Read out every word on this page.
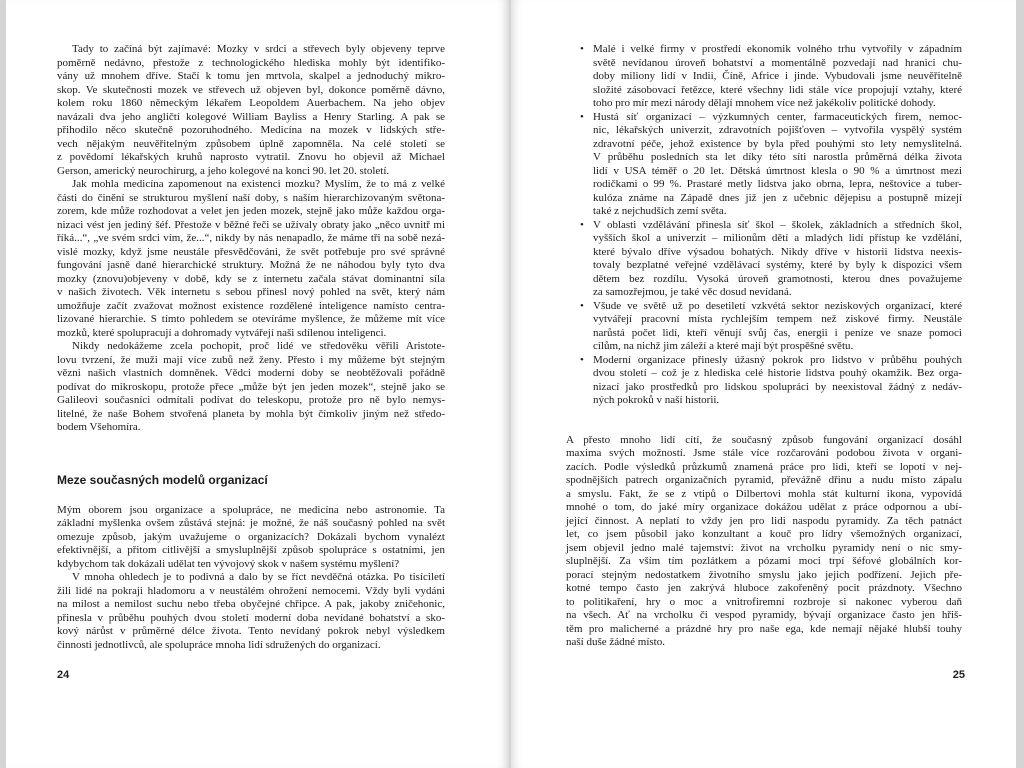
Tady to začíná být zajímavé: Mozky v srdci a střevech byly objeveny teprve
poměrně nedávno, přestože z technologického hlediska mohly být identifiko-
vány už mnohem dříve. Stačí k tomu jen mrtvola, skalpel a jednoduchý mikro-
skop. Ve skutečnosti mozek ve střevech už objeven byl, dokonce poměrně dávno,
kolem roku 1860 německým lékařem Leopoldem Auerbachem. Na jeho objev
navázali dva jeho angličtí kolegové William Bayliss a Henry Starling. A pak se
přihodilo něco skutečně pozoruhodného. Medicína na mozek v lidských stře-
vech nějakým neuvěřitelným způsobem úplně zapomněla. Na celé století se
z povědomí lékařských kruhů naprosto vytratil. Znovu ho objevil až Michael
Gerson, americký neurochirurg, a jeho kolegové na konci 90. let 20. století.
Jak mohla medicína zapomenout na existenci mozku? Myslím, že to má z velké
části do činění se strukturou myšlení naší doby, s naším hierarchizovaným světona-
zorem, kde může rozhodovat a velet jen jeden mozek, stejně jako může každou orga-
nizaci vést jen jediný šéf. Přestože v běžné řeči se užívaly obraty jako „něco uvnitř mi
říká...“, „ve svém srdci vím, že...“, nikdy by nás nenapadlo, že máme tři na sobě nezá-
vislé mozky, když jsme neustále přesvědčováni, že svět potřebuje pro své správné
fungování jasně dané hierarchické struktury. Možná že ne náhodou byly tyto dva
mozky (znovu)objeveny v době, kdy se z internetu začala stávat dominantní síla
v našich životech. Věk internetu s sebou přinesl nový pohled na svět, který nám
umožňuje začít zvažovat možnost existence rozdělené inteligence namísto centra-
lizované hierarchie. S tímto pohledem se otevíráme myšlence, že můžeme mít více
mozků, které spolupracují a dohromady vytvářejí naši sdílenou inteligenci.
Nikdy nedokážeme zcela pochopit, proč lidé ve středověku věřili Aristote-
lovu tvrzení, že muži mají více zubů než ženy. Přesto i my můžeme být stejným
vězni našich vlastních domněnek. Vědci moderní doby se neobtěžovali pořádně
podívat do mikroskopu, protože přece „může být jen jeden mozek“, stejně jako se
Galileovi současníci odmítali podívat do teleskopu, protože pro ně bylo nemys-
litelné, že naše Bohem stvořená planeta by mohla být čímkoliv jiným než středo-
bodem Všehomíra.
Meze současných modelů organizací
Mým oborem jsou organizace a spolupráce, ne medicína nebo astronomie. Ta
základní myšlenka ovšem zůstává stejná: je možné, že náš současný pohled na svět
omezuje způsob, jakým uvažujeme o organizacích? Dokázali bychom vynalézt
efektivnější, a přitom citlivější a smysluplnější způsob spolupráce s ostatními, jen
kdybychom tak dokázali udělat ten vývojový skok v našem systému myšlení?
V mnoha ohledech je to podivná a dalo by se říct nevděčná otázka. Po tisíciletí
žili lidé na pokraji hladomoru a v neustálém ohrožení nemocemi. Vždy byli vydáni
na milost a nemilost suchu nebo třeba obyčejné chřipce. A pak, jakoby zničehonic,
přinesla v průběhu pouhých dvou století moderní doba nevídané bohatství a sko-
kový nárůst v průměrné délce života. Tento nevídaný pokrok nebyl výsledkem
činnosti jednotlivců, ale spolupráce mnoha lidí sdružených do organizací.
24
• Malé i velké firmy v prostředí ekonomik volného trhu vytvořily v západním
světě nevídanou úroveň bohatství a momentálně pozvedají nad hranici chu-
doby miliony lidí v Indii, Číně, Africe i jinde. Vybudovali jsme neuvěřitelně
složité zásobovací řetězce, které všechny lidi stále více propojují vztahy, které
toho pro mír mezi národy dělají mnohem více než jakékoliv politické dohody.
• Hustá síť organizací – výzkumných center, farmaceutických firem, nemoc-
nic, lékařských univerzit, zdravotních pojišťoven – vytvořila vyspělý systém
zdravotní péče, jehož existence by byla před pouhými sto lety nemyslitelná.
V průběhu posledních sta let díky této síti narostla průměrná délka života
lidí v USA téměř o 20 let. Dětská úmrtnost klesla o 90 % a úmrtnost mezi
rodičkami o 99 %. Prastaré metly lidstva jako obrna, lepra, neštovice a tuber-
kulóza známe na Západě dnes již jen z učebnic dějepisu a postupně mizejí
také z nejchudších zemí světa.
• V oblasti vzdělávání přinesla síť škol – školek, základních a středních škol,
vyšších škol a univerzit – milionům dětí a mladých lidí přístup ke vzdělání,
které bývalo dříve výsadou bohatých. Nikdy dříve v historii lidstva neexis-
tovaly bezplatné veřejné vzdělávací systémy, které by byly k dispozici všem
dětem bez rozdílu. Vysoká úroveň gramotnosti, kterou dnes považujeme
za samozřejmou, je také věc dosud nevídaná.
• Všude ve světě už po desetiletí vzkvétá sektor neziskových organizací, které
vytvářejí pracovní místa rychlejším tempem než ziskové firmy. Neustále
narůstá počet lidí, kteří věnují svůj čas, energii i peníze ve snaze pomoci
cílům, na nichž jim záleží a které mají být prospěšné světu.
• Moderní organizace přinesly úžasný pokrok pro lidstvo v průběhu pouhých
dvou století – což je z hlediska celé historie lidstva pouhý okamžik. Bez orga-
nizací jako prostředků pro lidskou spolupráci by neexistoval žádný z nedáv-
ných pokroků v naší historii.
A přesto mnoho lidí cítí, že současný způsob fungování organizací dosáhl
maxima svých možností. Jsme stále více rozčarováni podobou života v organi-
zacích. Podle výsledků průzkumů znamená práce pro lidi, kteří se lopotí v nej-
spodnějších patrech organizačních pyramid, převážně dřinu a nudu místo zápalu
a smyslu. Fakt, že se z vtipů o Dilbertovi mohla stát kulturní ikona, vypovídá
mnohé o tom, do jaké míry organizace dokážou udělat z práce odpornou a ubí-
jející činnost. A neplatí to vždy jen pro lidi naspodu pyramidy. Za těch patnáct
let, co jsem působil jako konzultant a kouč pro lídry všemožných organizací,
jsem objevil jedno malé tajemství: život na vrcholku pyramidy není o nic smy-
sluplnější. Za vším tím pozlátkem a pózami moci trpí šéfové globálních kor-
porací stejným nedostatkem životního smyslu jako jejich podřízení. Jejich pře-
kotné tempo často jen zakrývá hluboce zakořeněný pocit prázdnoty. Všechno
to politikaření, hry o moc a vnitrofiremní rozbroje si nakonec vyberou daň
na všech. Ať na vrcholku či vespod pyramidy, bývají organizace často jen hřiš-
těm pro malicherné a prázdné hry pro naše ega, kde nemají nějaké hlubší touhy
naší duše žádné místo.
25
